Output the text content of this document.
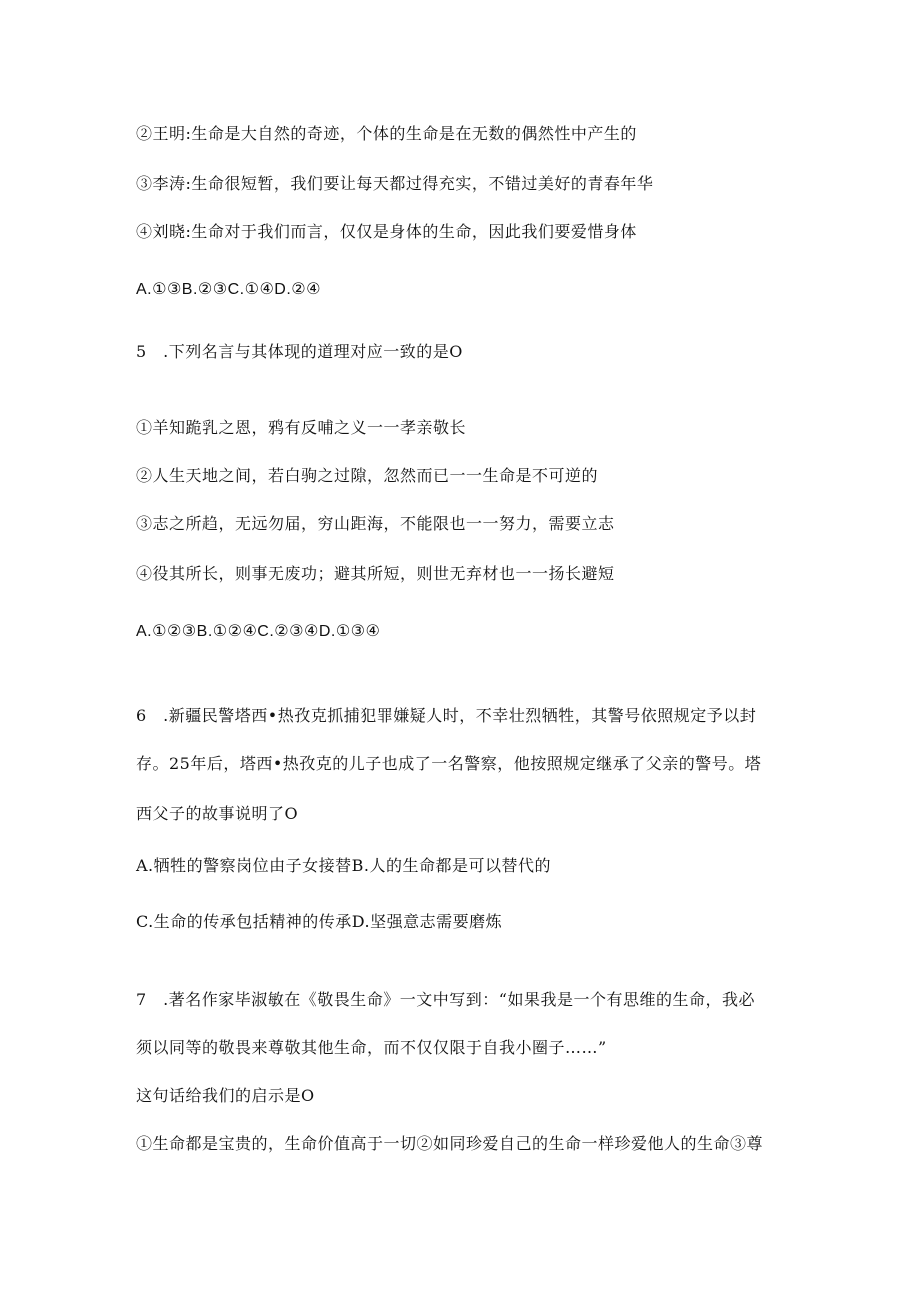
②王明:生命是大自然的奇迹，个体的生命是在无数的偶然性中产生的
③李涛:生命很短暂，我们要让每天都过得充实，不错过美好的青春年华
④刘晓:生命对于我们而言，仅仅是身体的生命，因此我们要爱惜身体
A.①③B.②③C.①④D.②④
5　.下列名言与其体现的道理对应一致的是O
①羊知跪乳之恩，鸦有反哺之义一一孝亲敬长
②人生天地之间，若白驹之过隙，忽然而已一一生命是不可逆的
③志之所趋，无远勿届，穷山距海，不能限也一一努力，需要立志
④役其所长，则事无废功；避其所短，则世无弃材也一一扬长避短
A.①②③B.①②④C.②③④D.①③④
6　.新疆民警塔西•热孜克抓捕犯罪嫌疑人时，不幸壮烈牺牲，其警号依照规定予以封
存。25年后，塔西•热孜克的儿子也成了一名警察，他按照规定继承了父亲的警号。塔
西父子的故事说明了O
A.牺牲的警察岗位由子女接替B.人的生命都是可以替代的
C.生命的传承包括精神的传承D.坚强意志需要磨炼
7　.著名作家毕淑敏在《敬畏生命》一文中写到：“如果我是一个有思维的生命，我必
须以同等的敬畏来尊敬其他生命，而不仅仅限于自我小圈子……”
这句话给我们的启示是O
①生命都是宝贵的，生命价值高于一切②如同珍爱自己的生命一样珍爱他人的生命③尊
